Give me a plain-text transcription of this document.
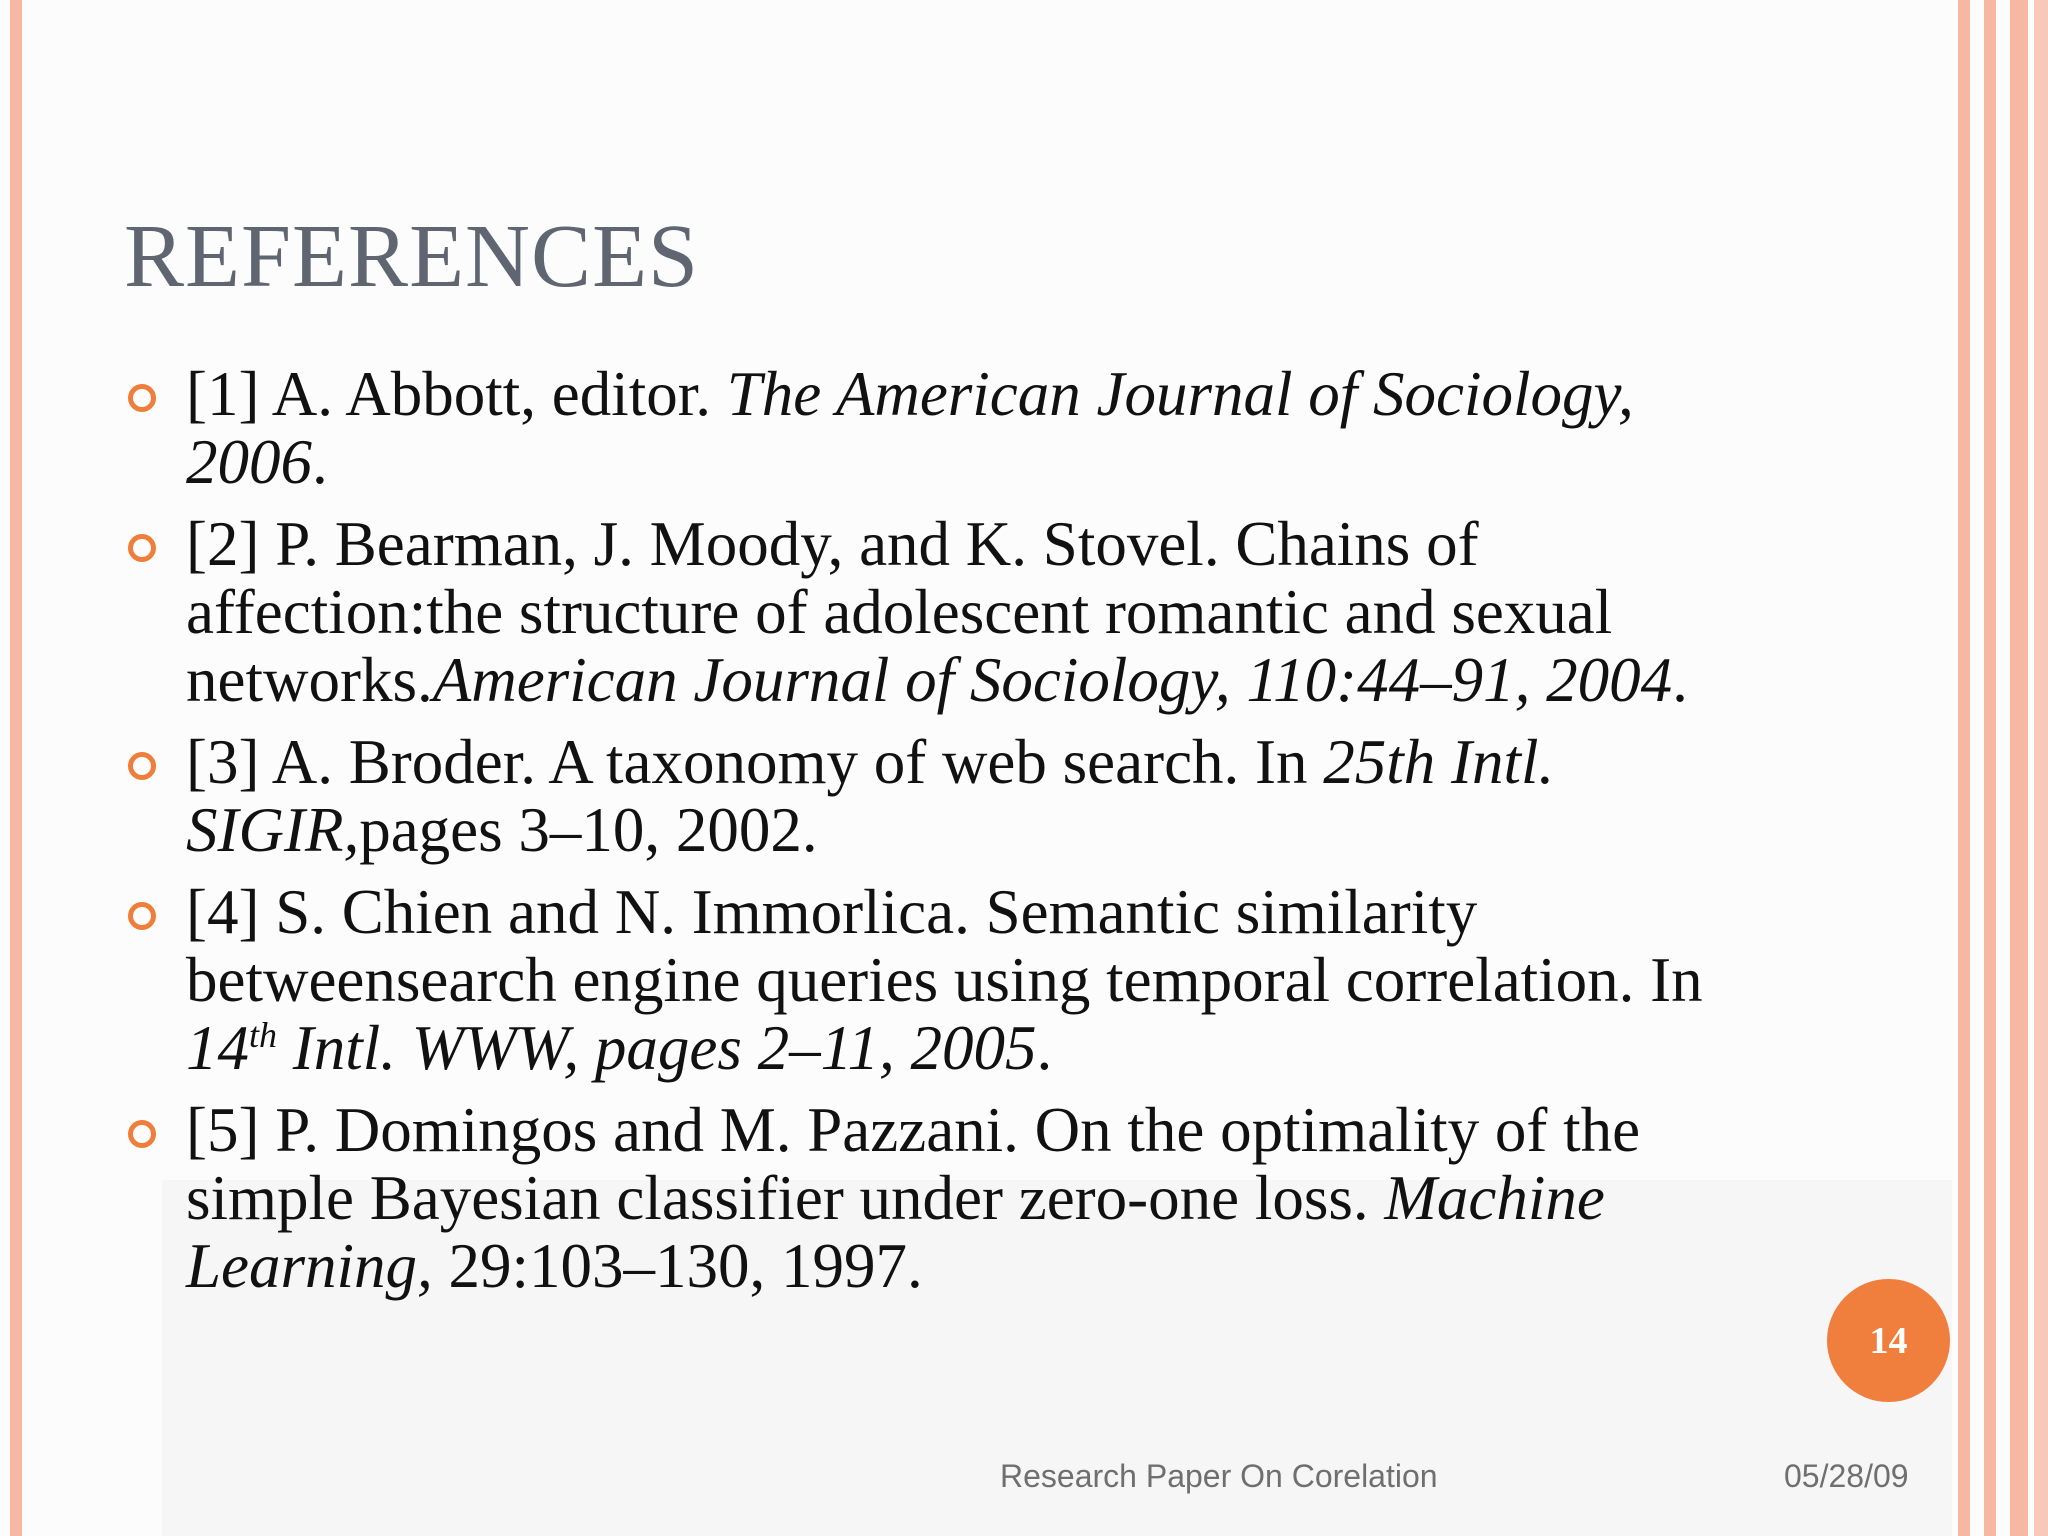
REFERENCES
[1] A. Abbott, editor. The American Journal of Sociology, 2006.
[2] P. Bearman, J. Moody, and K. Stovel. Chains of affection:the structure of adolescent romantic and sexual networks.American Journal of Sociology, 110:44–91, 2004.
[3] A. Broder. A taxonomy of web search. In 25th Intl. SIGIR,pages 3–10, 2002.
[4] S. Chien and N. Immorlica. Semantic similarity betweensearch engine queries using temporal correlation. In 14th Intl. WWW, pages 2–11, 2005.
[5] P. Domingos and M. Pazzani. On the optimality of the simple Bayesian classifier under zero-one loss. Machine Learning, 29:103–130, 1997.
14
Research Paper On Corelation	05/28/09
